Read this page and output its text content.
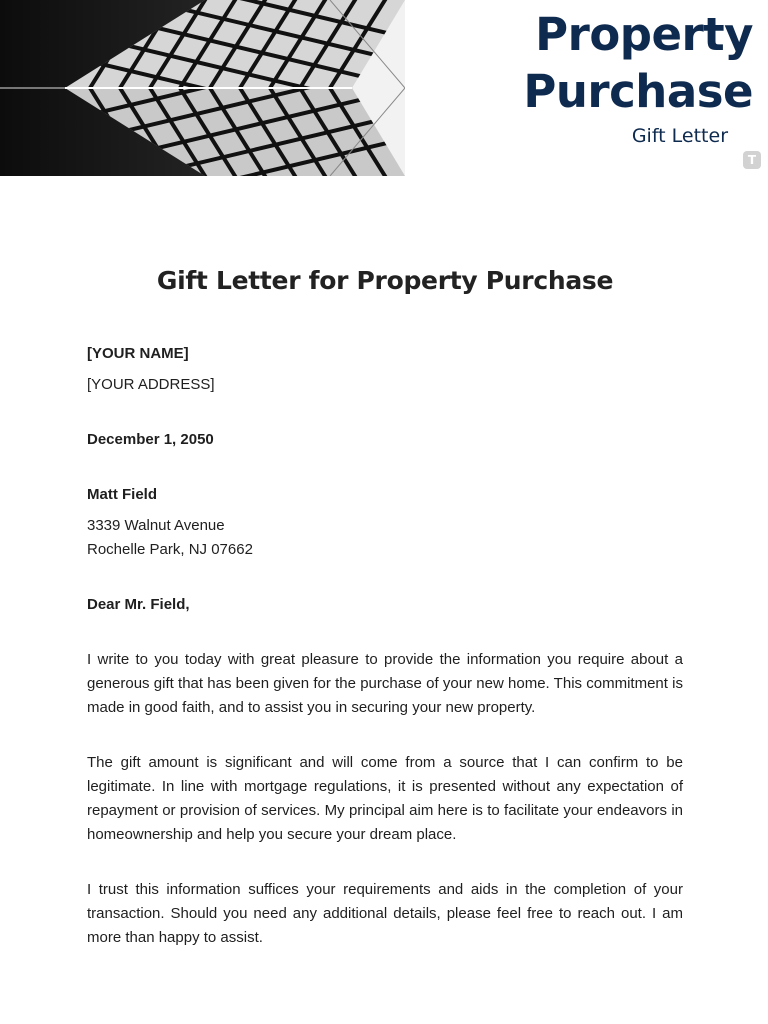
Property
Purchase
Gift Letter
T
Gift Letter for Property Purchase

[YOUR NAME]

[YOUR ADDRESS]

December 1, 2050

Matt Field

3339 Walnut Avenue

Rochelle Park, NJ 07662

Dear Mr. Field,

I write to you today with great pleasure to provide the information you require about a generous gift that has been given for the purchase of your new home. This commitment is made in good faith, and to assist you in securing your new property.

The gift amount is significant and will come from a source that I can confirm to be legitimate. In line with mortgage regulations, it is presented without any expectation of repayment or provision of services. My principal aim here is to facilitate your endeavors in homeownership and help you secure your dream place.

I trust this information suffices your requirements and aids in the completion of your transaction. Should you need any additional details, please feel free to reach out. I am more than happy to assist.
